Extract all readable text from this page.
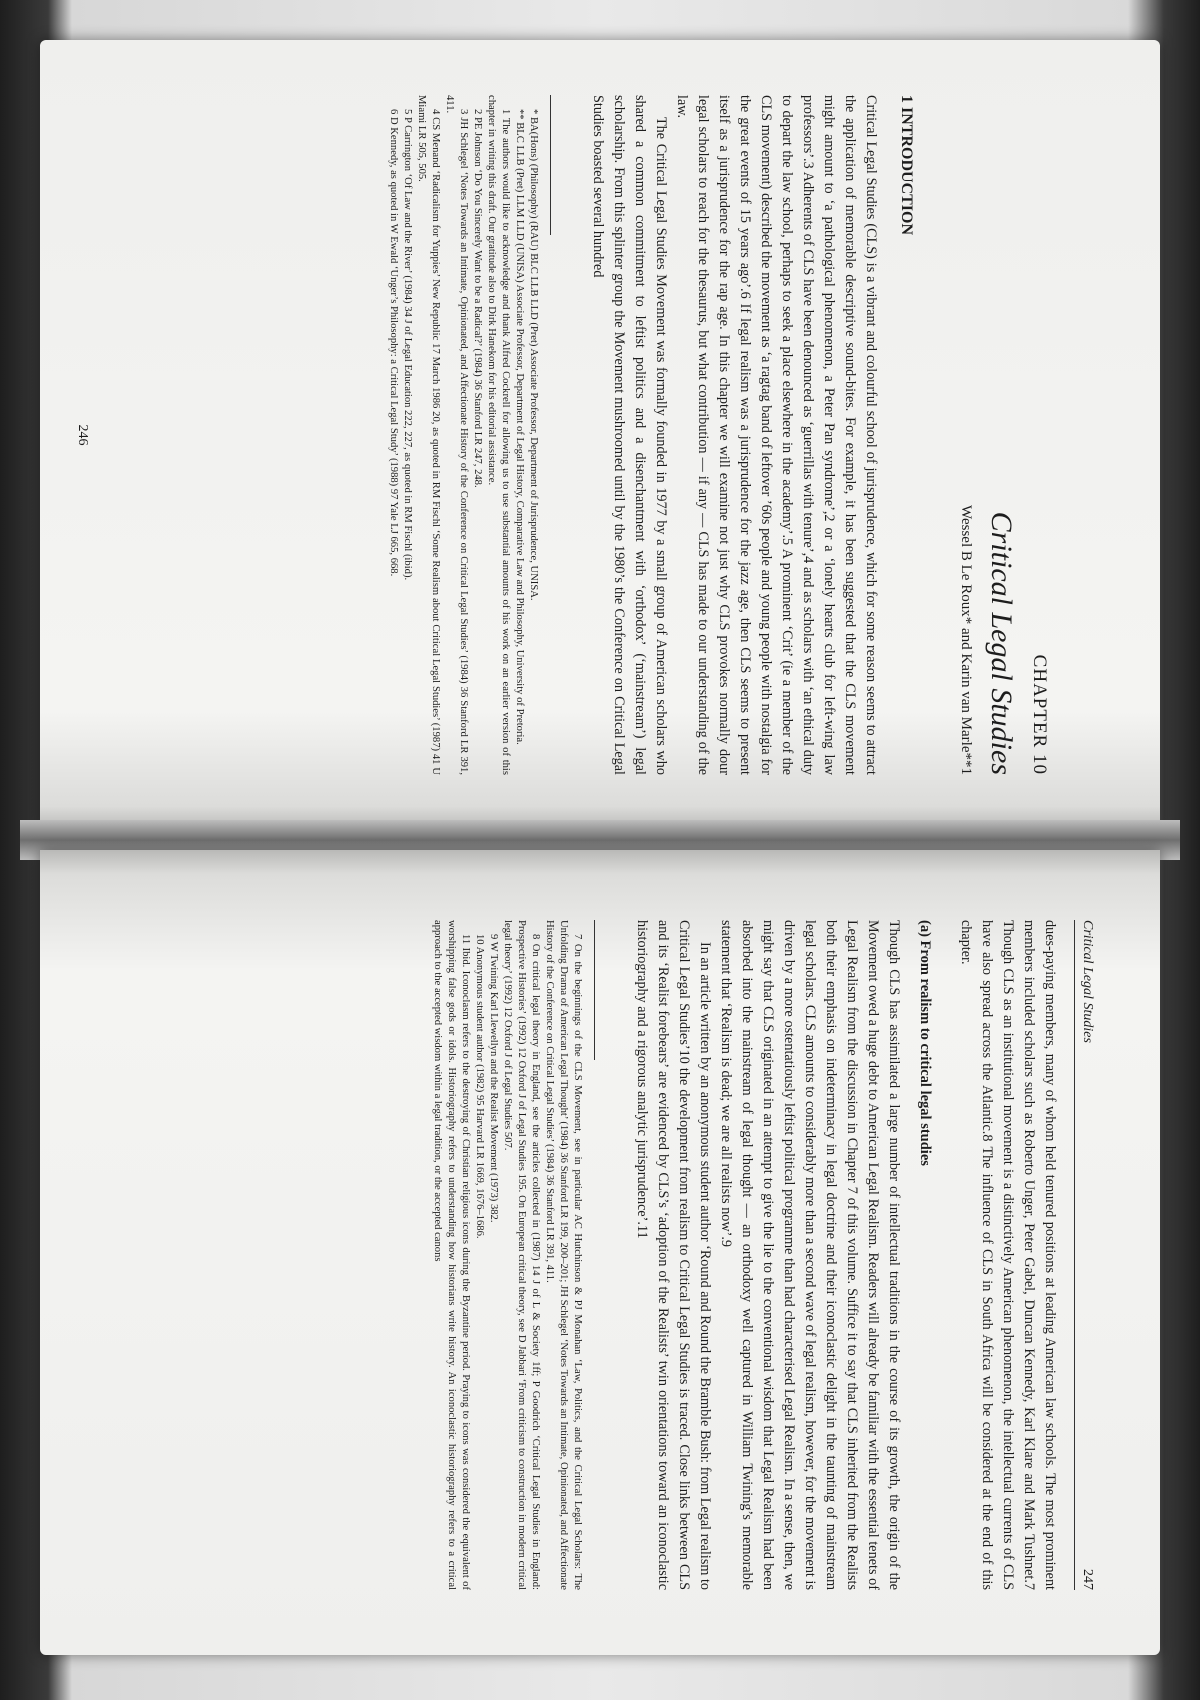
CHAPTER 10
Critical Legal Studies
Wessel B Le Roux* and Karin van Marle**1
1 INTRODUCTION

Critical Legal Studies (CLS) is a vibrant and colourful school of jurisprudence, which for some reason seems to attract the application of memorable descriptive sound-bites. For example, it has been suggested that the CLS movement might amount to ‘a pathological phenomenon, a Peter Pan syndrome’,2 or a ‘lonely hearts club for left-wing law professors’.3 Adherents of CLS have been denounced as ‘guerrillas with tenure’,4 and as scholars with ‘an ethical duty to depart the law school, perhaps to seek a place elsewhere in the academy’.5 A prominent ‘Crit’ (ie a member of the CLS movement) described the movement as ‘a ragtag band of leftover ’60s people and young people with nostalgia for the great events of 15 years ago’.6 If legal realism was a jurisprudence for the jazz age, then CLS seems to present itself as a jurisprudence for the rap age. In this chapter we will examine not just why CLS provokes normally dour legal scholars to reach for the thesaurus, but what contribution — if any — CLS has made to our understanding of the law.

The Critical Legal Studies Movement was formally founded in 1977 by a small group of American scholars who shared a common commitment to leftist politics and a disenchantment with ‘orthodox’ (‘mainstream’) legal scholarship. From this splinter group the Movement mushroomed until by the 1980’s the Conference on Critical Legal Studies boasted several hundred

* BA(Hons) (Philosophy) (RAU) BLC LLB LLD (Pret) Associate Professor, Department of Jurisprudence, UNISA.

** BLC LLB (Pret) LLM LLD (UNISA) Associate Professor, Department of Legal History, Comparative Law and Philosophy, University of Pretoria.

1 The authors would like to acknowledge and thank Alfred Cockrell for allowing us to use substantial amounts of his work on an earlier version of this chapter in writing this draft. Our gratitude also to Dirk Hanekom for his editorial assistance.

2 PE Johnson ‘Do You Sincerely Want to be a Radical?’ (1984) 36 Stanford LR 247, 248.

3 JH Schlegel ‘Notes Towards an Intimate, Opinionated, and Affectionate History of the Conference on Critical Legal Studies’ (1984) 36 Stanford LR 391, 411.

4 CS Menand ‘Radicalism for Yuppies’ New Republic 17 March 1986 20, as quoted in RM Fischl ‘Some Realism about Critical Legal Studies’ (1987) 41 U Miami LR 505, 505.

5 P Carrington ‘Of Law and the River’ (1984) 34 J of Legal Education 222, 227, as quoted in RM Fischl (ibid).

6 D Kennedy, as quoted in W Ewald ‘Unger’s Philosophy: a Critical Legal Study’ (1988) 97 Yale LJ 665, 668.

246
Critical Legal Studies
247

dues-paying members, many of whom held tenured positions at leading American law schools. The most prominent members included scholars such as Roberto Unger, Peter Gabel, Duncan Kennedy, Karl Klare and Mark Tushnet.7 Though CLS as an institutional movement is a distinctively American phenomenon, the intellectual currents of CLS have also spread across the Atlantic.8 The influence of CLS in South Africa will be considered at the end of this chapter.

(a) From realism to critical legal studies

Though CLS has assimilated a large number of intellectual traditions in the course of its growth, the origin of the Movement owed a huge debt to American Legal Realism. Readers will already be familiar with the essential tenets of Legal Realism from the discussion in Chapter 7 of this volume. Suffice it to say that CLS inherited from the Realists both their emphasis on indeterminacy in legal doctrine and their iconoclastic delight in the taunting of mainstream legal scholars. CLS amounts to considerably more than a second wave of legal realism, however, for the movement is driven by a more ostentatiously leftist political programme than had characterised Legal Realism. In a sense, then, we might say that CLS originated in an attempt to give the lie to the conventional wisdom that Legal Realism had been absorbed into the mainstream of legal thought — an orthodoxy well captured in William Twining’s memorable statement that ‘Realism is dead; we are all realists now’.9

In an article written by an anonymous student author ‘Round and Round the Bramble Bush: from Legal realism to Critical Legal Studies’10 the development from realism to Critical Legal Studies is traced. Close links between CLS and its ‘Realist forebears’ are evidenced by CLS’s ‘adoption of the Realists’ twin orientations toward an iconoclastic historiography and a rigorous analytic jurisprudence’.11

7 On the beginnings of the CLS Movement, see in particular AC Hutchinson & PJ Monahan ‘Law, Politics, and the Critical Legal Scholars: The Unfolding Drama of American Legal Thought’ (1984) 36 Stanford LR 199, 200–201; JH Schlegel ‘Notes Towards an Intimate, Opinionated, and Affectionate History of the Conference on Critical Legal Studies’ (1984) 36 Stanford LR 391, 411.

8 On critical legal theory in England, see the articles collected in (1987) 14 J of L & Society 1ff; P Goodrich ‘Critical Legal Studies in England: Prospective Histories’ (1992) 12 Oxford J of Legal Studies 195. On European critical theory, see D Jabbari ‘From criticism to construction in modern critical legal theory’ (1992) 12 Oxford J of Legal Studies 507.

9 W Twining Karl Llewellyn and the Realist Movement (1973) 382.

10 Anonymous student author (1982) 95 Harvard LR 1669, 1676–1686.

11 Ibid. Iconoclasm refers to the destroying of Christian religious icons during the Byzantine period. Praying to icons was considered the equivalent of worshipping false gods or idols. Historiography refers to understanding how historians write history. An iconoclastic historiography refers to a critical approach to the accepted wisdom within a legal tradition, or the accepted canons
